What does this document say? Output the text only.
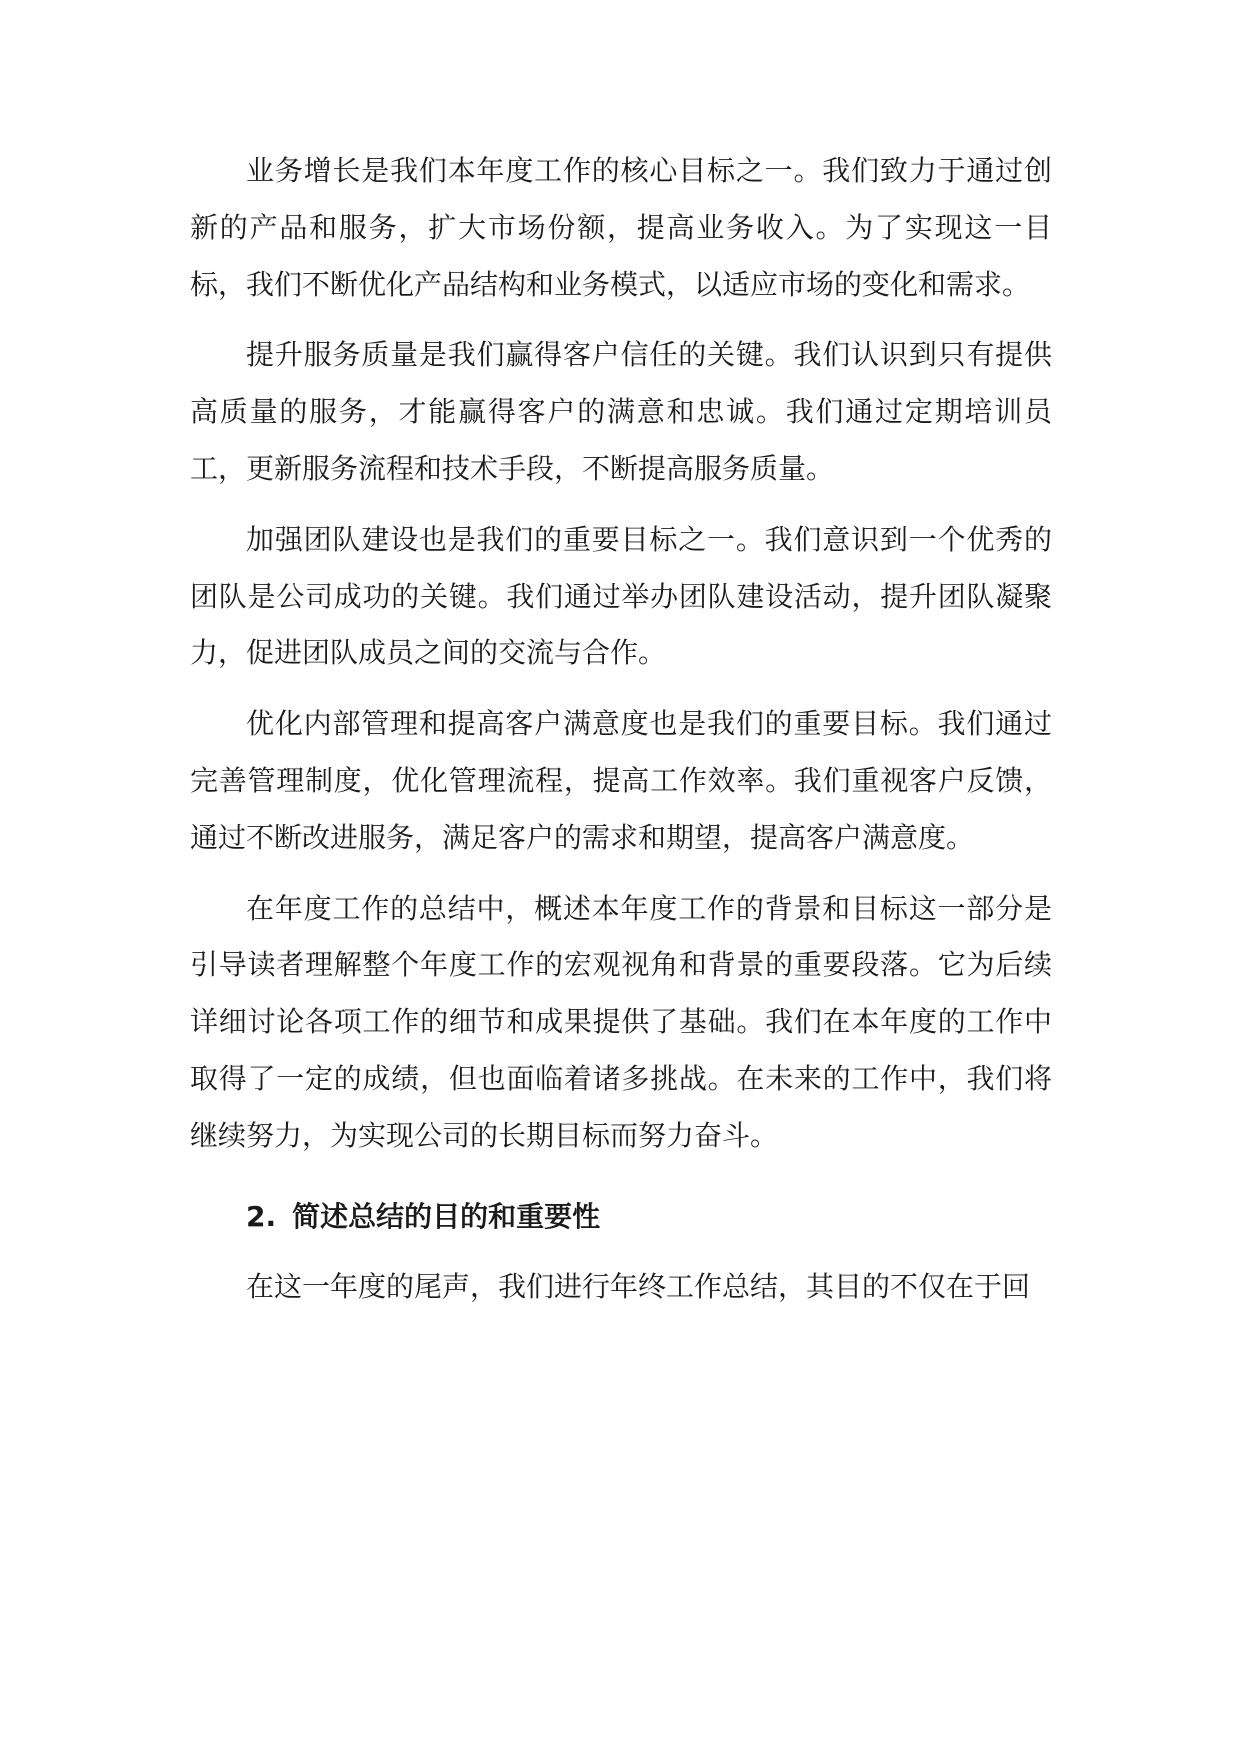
业务增长是我们本年度工作的核心目标之一。我们致力于通过创新的产品和服务，扩大市场份额，提高业务收入。为了实现这一目标，我们不断优化产品结构和业务模式，以适应市场的变化和需求。

提升服务质量是我们赢得客户信任的关键。我们认识到只有提供高质量的服务，才能赢得客户的满意和忠诚。我们通过定期培训员工，更新服务流程和技术手段，不断提高服务质量。

加强团队建设也是我们的重要目标之一。我们意识到一个优秀的团队是公司成功的关键。我们通过举办团队建设活动，提升团队凝聚力，促进团队成员之间的交流与合作。

优化内部管理和提高客户满意度也是我们的重要目标。我们通过完善管理制度，优化管理流程，提高工作效率。我们重视客户反馈，通过不断改进服务，满足客户的需求和期望，提高客户满意度。

在年度工作的总结中，概述本年度工作的背景和目标这一部分是引导读者理解整个年度工作的宏观视角和背景的重要段落。它为后续详细讨论各项工作的细节和成果提供了基础。我们在本年度的工作中取得了一定的成绩，但也面临着诸多挑战。在未来的工作中，我们将继续努力，为实现公司的长期目标而努力奋斗。

2. 简述总结的目的和重要性

在这一年度的尾声，我们进行年终工作总结，其目的不仅在于回
